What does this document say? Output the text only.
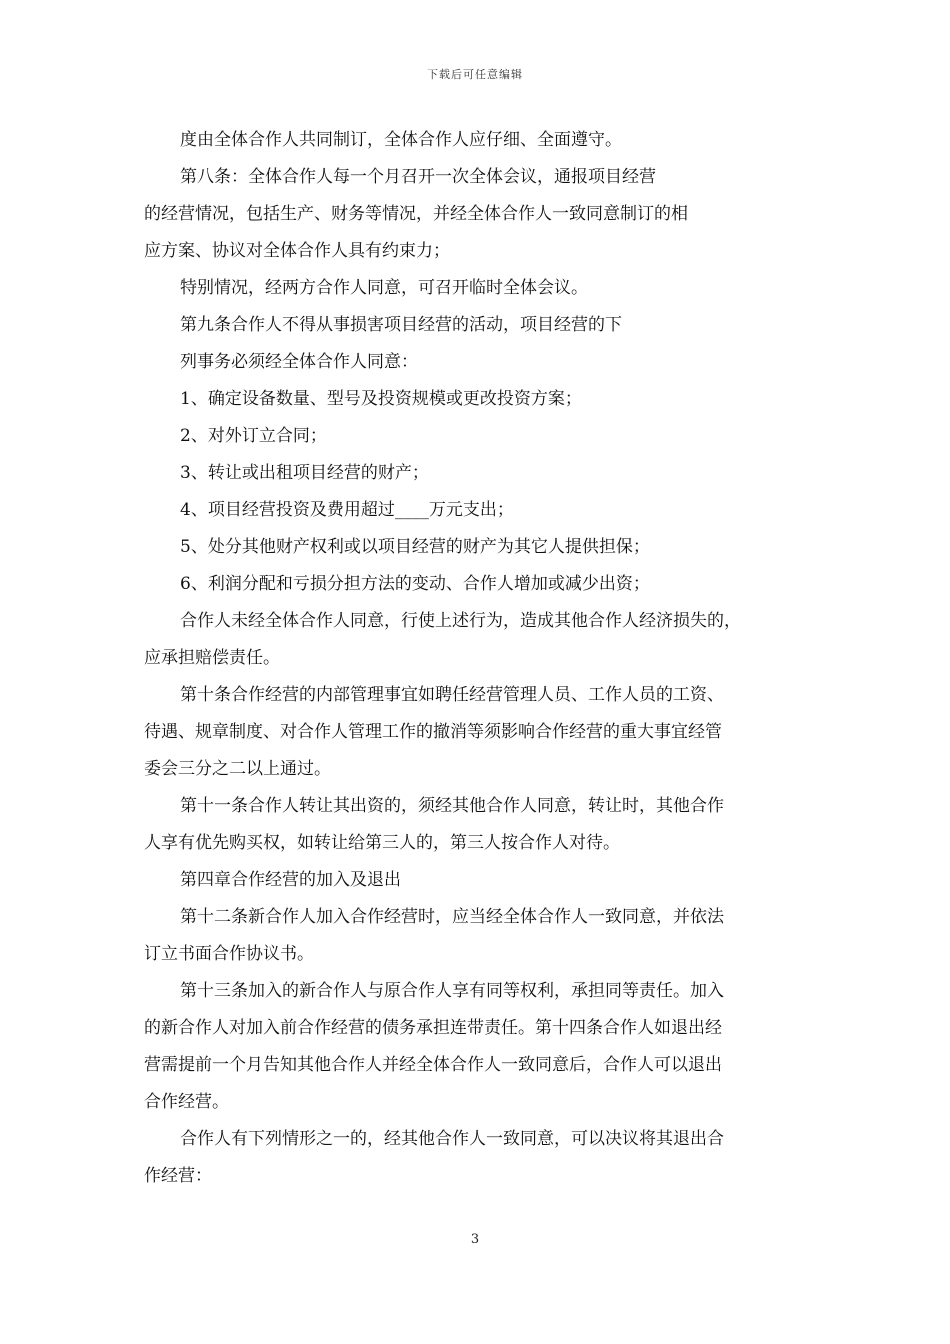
下载后可任意编辑

度由全体合作人共同制订，全体合作人应仔细、全面遵守。

第八条：全体合作人每一个月召开一次全体会议，通报项目经营

的经营情况，包括生产、财务等情况，并经全体合作人一致同意制订的相

应方案、协议对全体合作人具有约束力；

特别情况，经两方合作人同意，可召开临时全体会议。

第九条合作人不得从事损害项目经营的活动，项目经营的下

列事务必须经全体合作人同意：

1、确定设备数量、型号及投资规模或更改投资方案；

2、对外订立合同；

3、转让或出租项目经营的财产；

4、项目经营投资及费用超过____万元支出；

5、处分其他财产权利或以项目经营的财产为其它人提供担保；

6、利润分配和亏损分担方法的变动、合作人增加或减少出资；

合作人未经全体合作人同意，行使上述行为，造成其他合作人经济损失的，

应承担赔偿责任。

第十条合作经营的内部管理事宜如聘任经营管理人员、工作人员的工资、

待遇、规章制度、对合作人管理工作的撤消等须影响合作经营的重大事宜经管

委会三分之二以上通过。

第十一条合作人转让其出资的，须经其他合作人同意，转让时，其他合作

人享有优先购买权，如转让给第三人的，第三人按合作人对待。

第四章合作经营的加入及退出

第十二条新合作人加入合作经营时，应当经全体合作人一致同意，并依法

订立书面合作协议书。

第十三条加入的新合作人与原合作人享有同等权利，承担同等责任。加入

的新合作人对加入前合作经营的债务承担连带责任。第十四条合作人如退出经

营需提前一个月告知其他合作人并经全体合作人一致同意后，合作人可以退出

合作经营。

合作人有下列情形之一的，经其他合作人一致同意，可以决议将其退出合

作经营：

3
